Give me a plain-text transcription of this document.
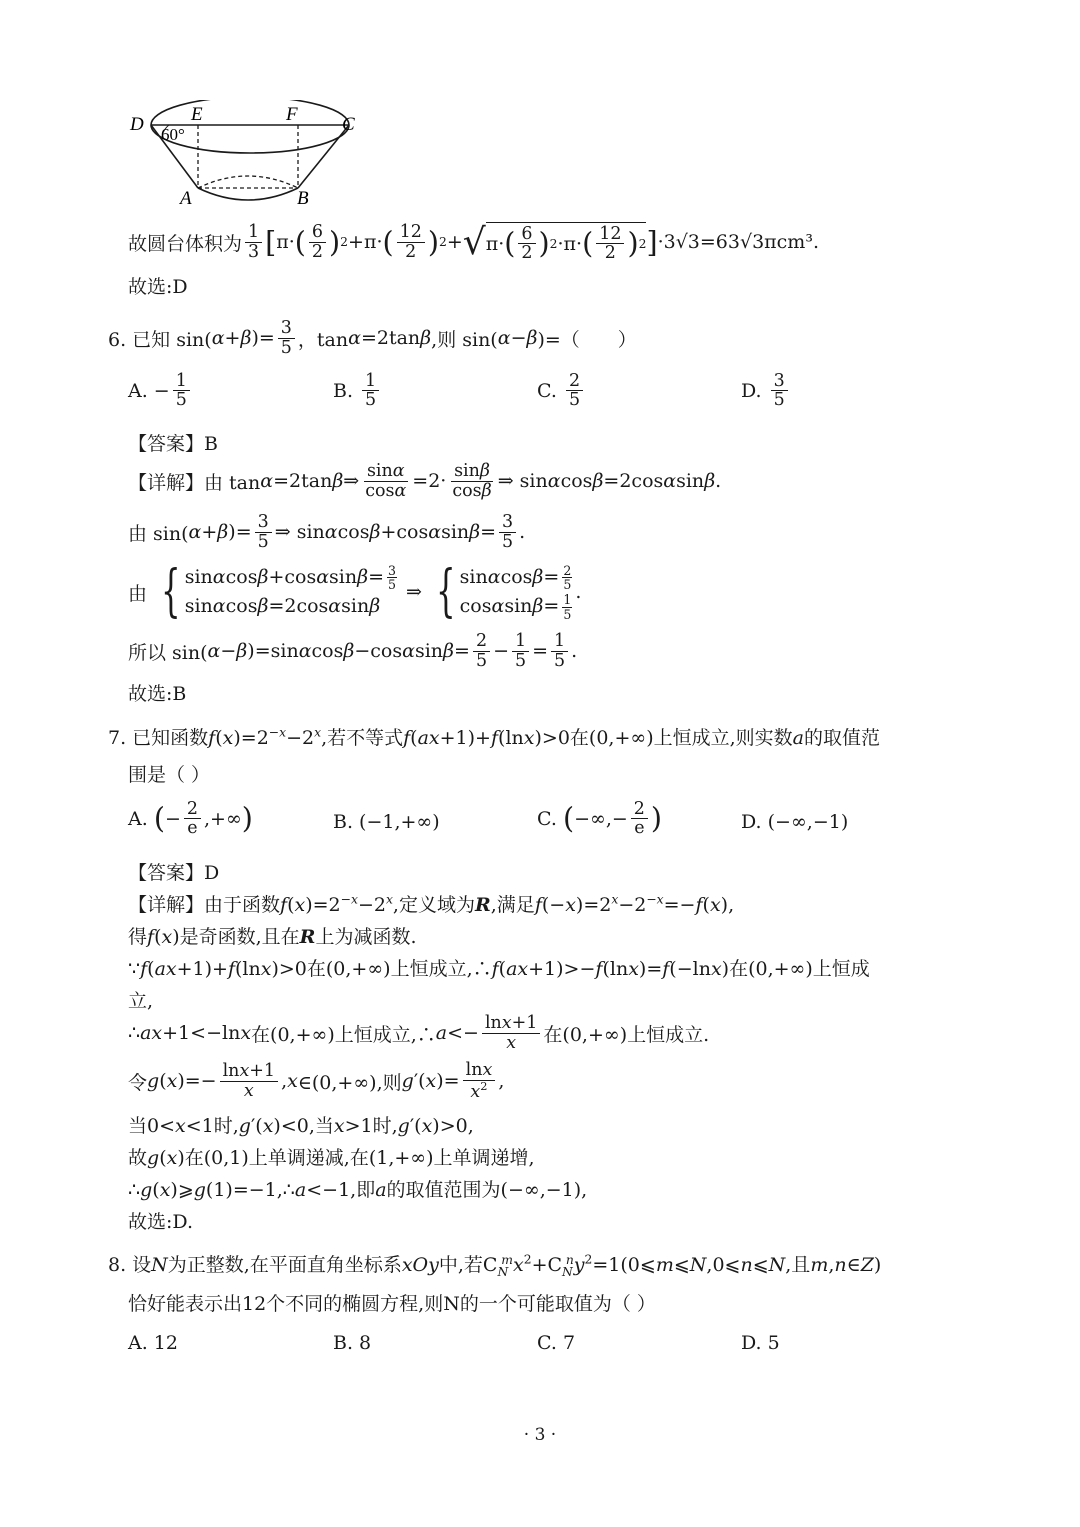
D E	F C
A	B
60°
故圆台体积为 $\frac{1}{3}$ [ π· ( $\frac{6}{2}$ ) 2 +π· ( $\frac{12}{2}$ ) 2 + √ π· ( $\frac{6}{2}$ ) 2 ·π· ( $\frac{12}{2}$ ) 2 ] ·3√3 =63√3πcm³.
故选:D
6. 已知 sin( α + β )= $\frac{3}{5}$ ，tan α =2tan β ,则 sin( α − β )=（　　）
A. − $\frac{1}{5}$	B. $\frac{1}{5}$	C. $\frac{2}{5}$	D. $\frac{3}{5}$
【答案】B
【详解】由 tan α =2tan β ⇒ $\frac{\sin\alpha}{\cos\alpha} =2\cdot \frac{\sin\beta}{\cos\beta}$ ⇒ sin α cos β =2cos α sin β .
由 sin( α + β )= $\frac{3}{5}$ ⇒ sin α cos β +cos α $\sin \beta = \frac{3}{5}$ .
由 { $\sin\alpha\cos\beta+\cos\alpha\sin\beta= \frac{3}{5}$
sinαcosβ=2cosαsinβ
⇒ { $\sin\alpha\cos\beta= \frac{2}{5}$
$\cos\alpha\sin\beta= \frac{1}{5}$
.
所以 sin( α − β )=sin α cos β −cos α $\sin \beta = \frac{2}{5} - \frac{1}{5} = \frac{1}{5}$ .
故选:B
7. 已知函数$f(x)=2^{-x}-2^x$,若不等式f(ax+1)+f(lnx)>0在(0,+∞)上恒成立,则实数a的取值范
围是（ ）
A. ( − $\frac{2}{e}$ ,+∞ )	B. (−1,+∞)	C. ( −∞,− $\frac{2}{e}$ )	D. (−∞,−1)
【答案】D
【详解】由于函数$f(x)=2^{-x}-2^x$,定义域为R,满足$f(-x)=2^x-2^{-x}=-f(x)$,
得f(x)是奇函数,且在R上为减函数.
∵f(ax+1)+f(lnx)>0在(0,+∞)上恒成立,∴f(ax+1)>−f(lnx)=f(−lnx)在(0,+∞)上恒成
立,
∴ ax +1<−ln x 在(0,+∞)上恒成立,∴ $a <- \frac{\ln x+1}{x}$ 在(0,+∞)上恒成立.
令 g ( x )=− $\frac{\ln x+1}{x}$ , x ∈(0,+∞),则 g ′( x )= $\frac{\ln x}{x^2}$ ,
当0<x<1时,g′(x)<0,当x>1时,g′(x)>0,
故g(x)在(0,1)上单调递减,在(1,+∞)上单调递增,
∴g(x)⩾g(1)=−1,∴a<−1,即a的取值范围为(−∞,−1),
故选:D.
8. 设N为正整数,在平面直角坐标系xOy中,若$C_N^mx^2+C_N^ny^2=1(0⩽m⩽N,0⩽n⩽N$,且m,n∈Z)
恰好能表示出12个不同的椭圆方程,则N的一个可能取值为（ ）
A. 12	B. 8	C. 7	D. 5
· 3 ·
